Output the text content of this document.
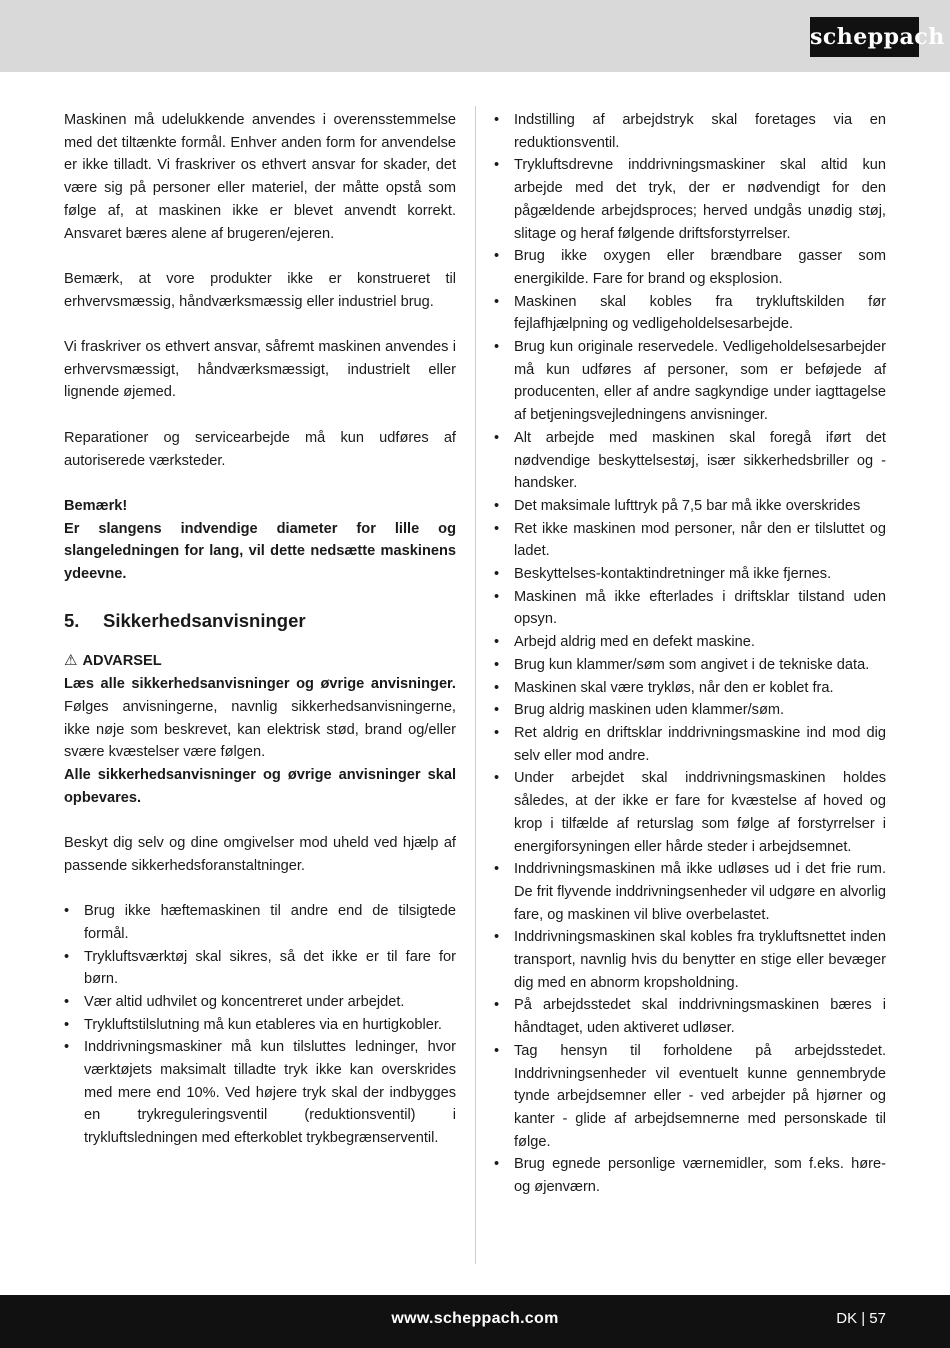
scheppach

Maskinen må udelukkende anvendes i overensstemmelse med det tiltænkte formål. Enhver anden form for anvendelse er ikke tilladt. Vi fraskriver os ethvert ansvar for skader, det være sig på personer eller materiel, der måtte opstå som følge af, at maskinen ikke er blevet anvendt korrekt. Ansvaret bæres alene af brugeren/ejeren.

Bemærk, at vore produkter ikke er konstrueret til erhvervsmæssig, håndværksmæssig eller industriel brug.

Vi fraskriver os ethvert ansvar, såfremt maskinen anvendes i erhvervsmæssigt, håndværksmæssigt, industrielt eller lignende øjemed.

Reparationer og servicearbejde må kun udføres af autoriserede værksteder.

Bemærk!
Er slangens indvendige diameter for lille og slangeledningen for lang, vil dette nedsætte maskinens ydeevne.
5.	Sikkerhedsanvisninger
⚠ ADVARSEL

Læs alle sikkerhedsanvisninger og øvrige anvisninger. Følges anvisningerne, navnlig sikkerhedsanvisningerne, ikke nøje som beskrevet, kan elektrisk stød, brand og/eller svære kvæstelser være følgen.
Alle sikkerhedsanvisninger og øvrige anvisninger skal opbevares.

Beskyt dig selv og dine omgivelser mod uheld ved hjælp af passende sikkerhedsforanstaltninger.

• Brug ikke hæftemaskinen til andre end de tilsigtede formål.
• Trykluftsværktøj skal sikres, så det ikke er til fare for børn.
• Vær altid udhvilet og koncentreret under arbejdet.
• Trykluftstilslutning må kun etableres via en hurtigkobler.
• Inddrivningsmaskiner må kun tilsluttes ledninger, hvor værktøjets maksimalt tilladte tryk ikke kan overskrides med mere end 10%. Ved højere tryk skal der indbygges en trykreguleringsventil (reduktionsventil) i trykluftsledningen med efterkoblet trykbegrænserventil.
• Indstilling af arbejdstryk skal foretages via en reduktionsventil.
• Trykluftsdrevne inddrivningsmaskiner skal altid kun arbejde med det tryk, der er nødvendigt for den pågældende arbejdsproces; herved undgås unødig støj, slitage og heraf følgende driftsforstyrrelser.
• Brug ikke oxygen eller brændbare gasser som energikilde. Fare for brand og eksplosion.
• Maskinen skal kobles fra trykluftskilden før fejlafhjælpning og vedligeholdelsesarbejde.
• Brug kun originale reservedele. Vedligeholdelsesarbejder må kun udføres af personer, som er beføjede af producenten, eller af andre sagkyndige under iagttagelse af betjeningsvejledningens anvisninger.
• Alt arbejde med maskinen skal foregå iført det nødvendige beskyttelsestøj, især sikkerhedsbriller og -handsker.
• Det maksimale lufttryk på 7,5 bar må ikke overskrides
• Ret ikke maskinen mod personer, når den er tilsluttet og ladet.
• Beskyttelses-kontaktindretninger må ikke fjernes.
• Maskinen må ikke efterlades i driftsklar tilstand uden opsyn.
• Arbejd aldrig med en defekt maskine.
• Brug kun klammer/søm som angivet i de tekniske data.
• Maskinen skal være trykløs, når den er koblet fra.
• Brug aldrig maskinen uden klammer/søm.
• Ret aldrig en driftsklar inddrivningsmaskine ind mod dig selv eller mod andre.
• Under arbejdet skal inddrivningsmaskinen holdes således, at der ikke er fare for kvæstelse af hoved og krop i tilfælde af returslag som følge af forstyrrelser i energiforsyningen eller hårde steder i arbejdsemnet.
• Inddrivningsmaskinen må ikke udløses ud i det frie rum. De frit flyvende inddrivningsenheder vil udgøre en alvorlig fare, og maskinen vil blive overbelastet.
• Inddrivningsmaskinen skal kobles fra trykluftsnettet inden transport, navnlig hvis du benytter en stige eller bevæger dig med en abnorm kropsholdning.
• På arbejdsstedet skal inddrivningsmaskinen bæres i håndtaget, uden aktiveret udløser.
• Tag hensyn til forholdene på arbejdsstedet. Inddrivningsenheder vil eventuelt kunne gennembryde tynde arbejdsemner eller - ved arbejder på hjørner og kanter - glide af arbejdsemnerne med personskade til følge.
• Brug egnede personlige værnemidler, som f.eks. høre- og øjenværn.
www.scheppach.com	DK | 57
